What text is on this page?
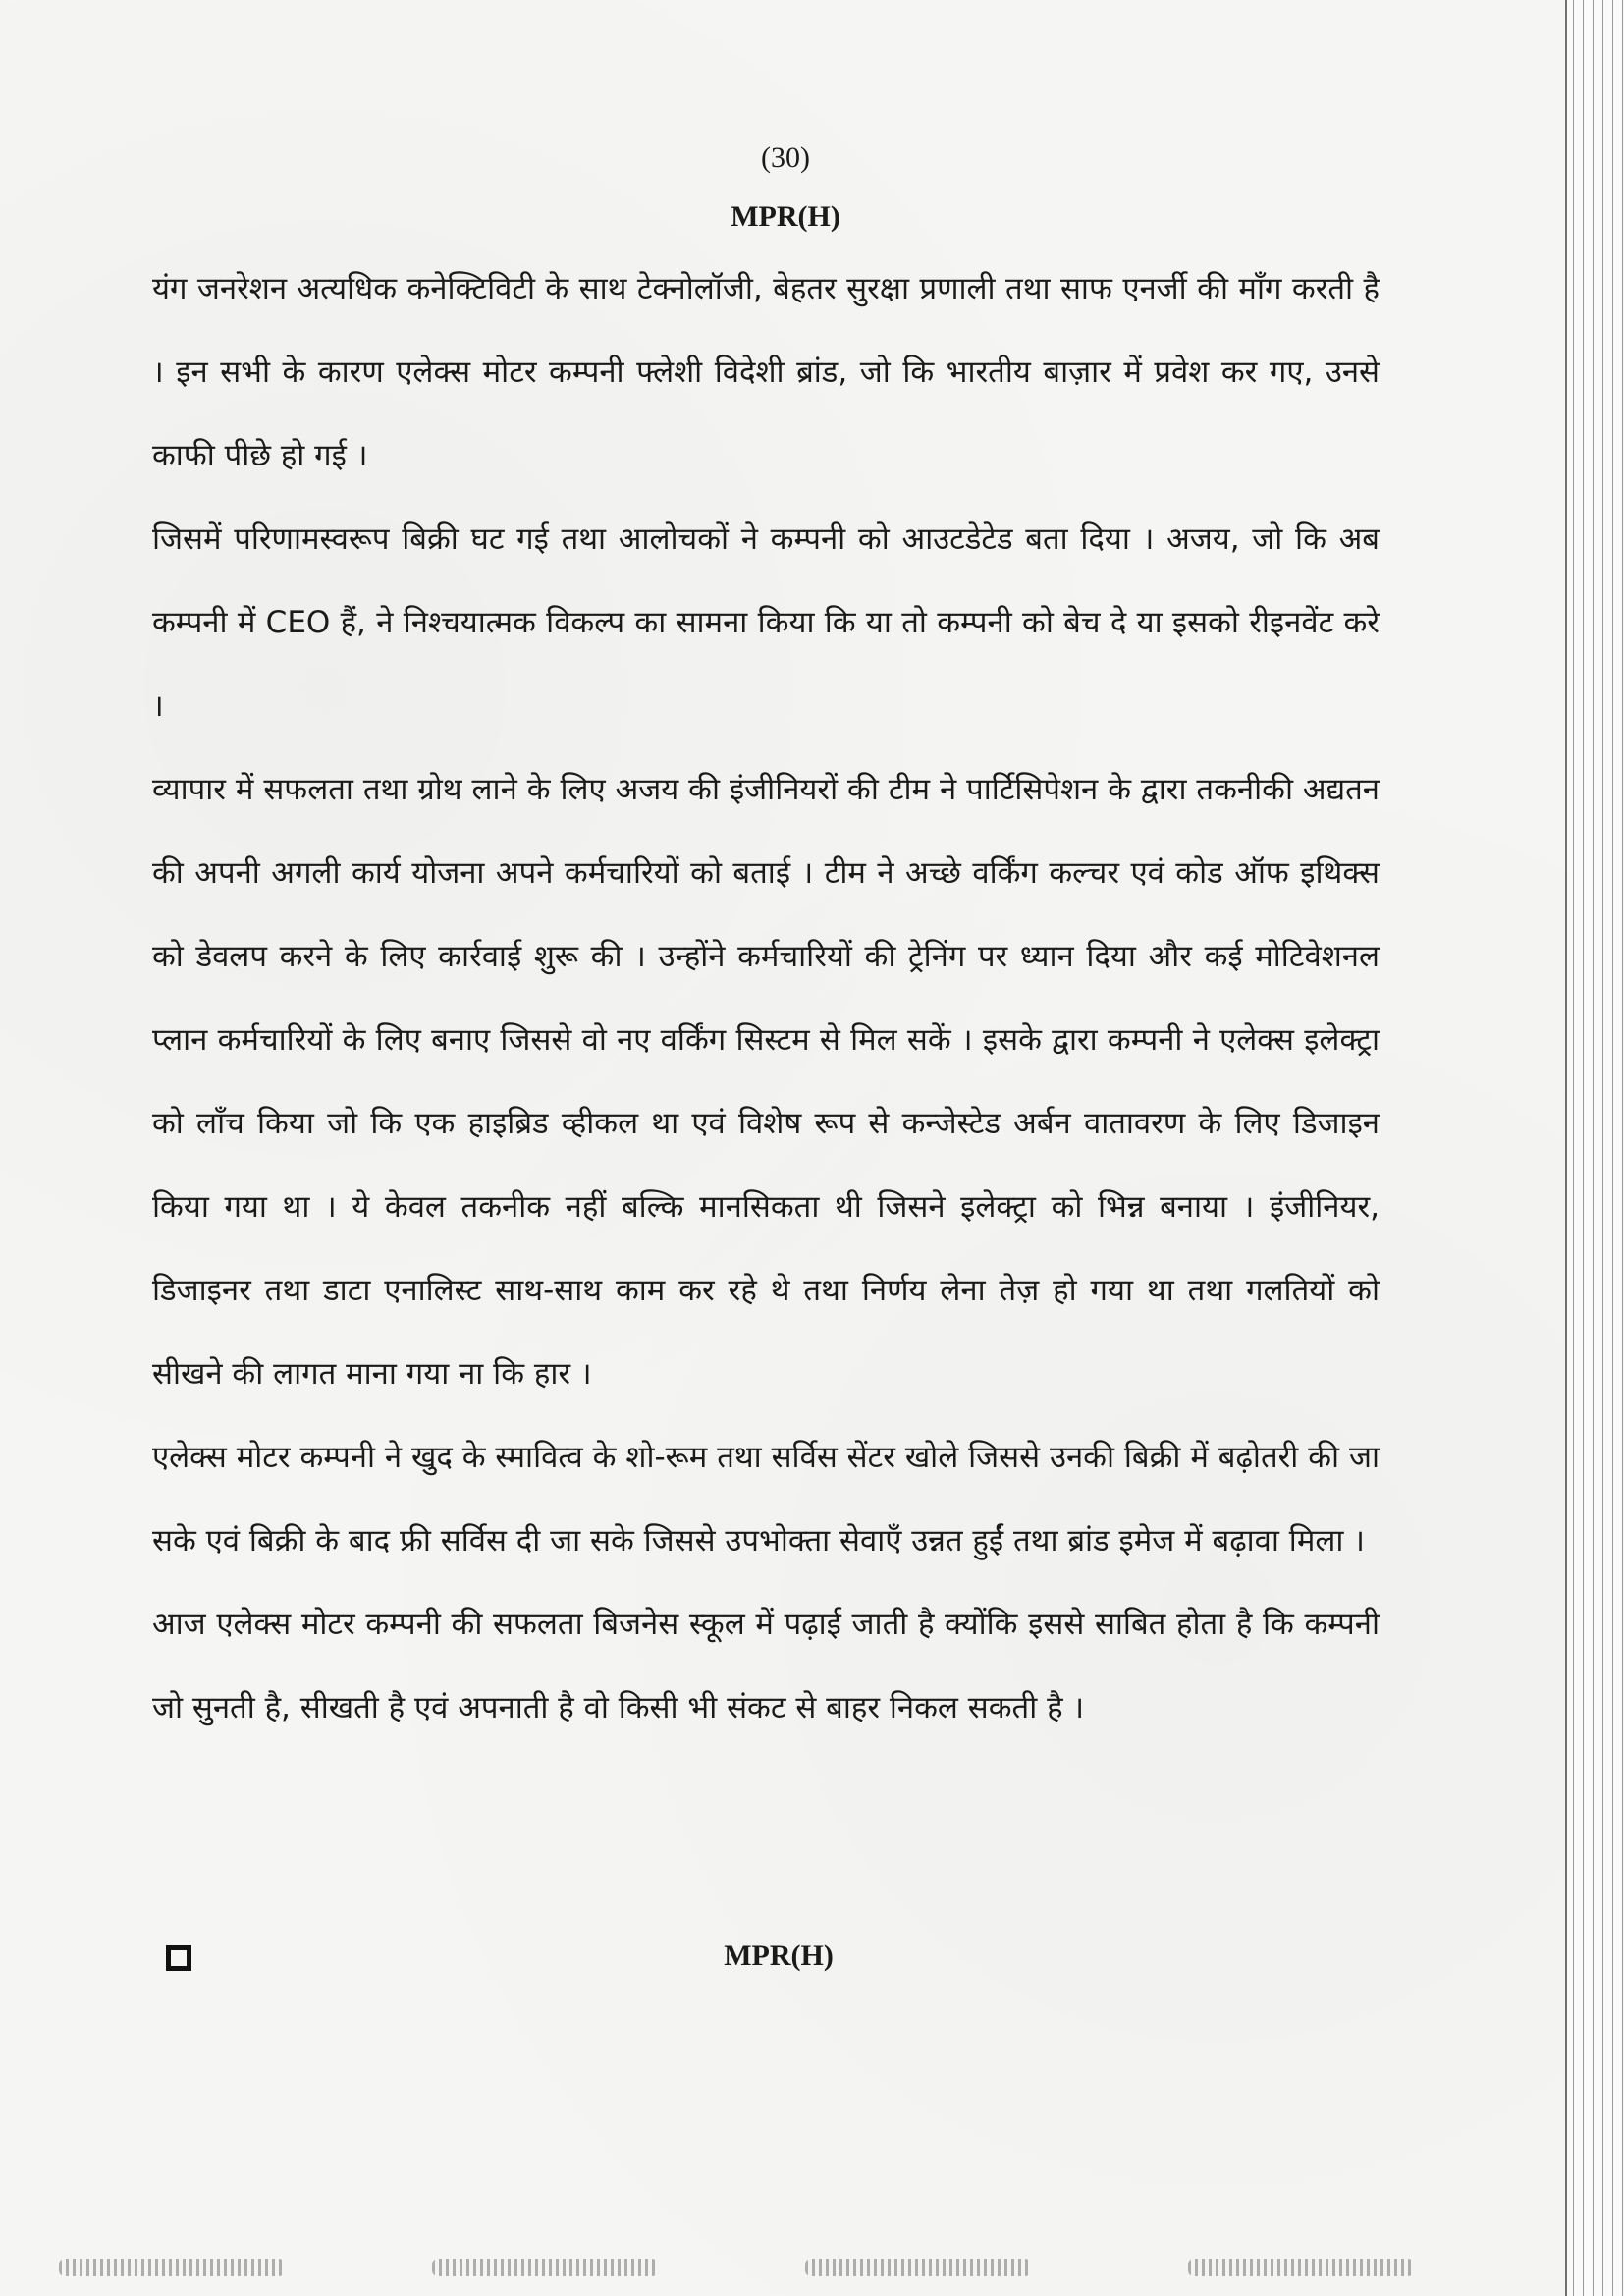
(30)
MPR(H)

यंग जनरेशन अत्यधिक कनेक्टिविटी के साथ टेक्नोलॉजी, बेहतर सुरक्षा प्रणाली तथा साफ एनर्जी की माँग करती है । इन सभी के कारण एलेक्स मोटर कम्पनी फ्लेशी विदेशी ब्रांड, जो कि भारतीय बाज़ार में प्रवेश कर गए, उनसे काफी पीछे हो गई ।

जिसमें परिणामस्वरूप बिक्री घट गई तथा आलोचकों ने कम्पनी को आउटडेटेड बता दिया । अजय, जो कि अब कम्पनी में CEO हैं, ने निश्चयात्मक विकल्प का सामना किया कि या तो कम्पनी को बेच दे या इसको रीइनवेंट करे ।

व्यापार में सफलता तथा ग्रोथ लाने के लिए अजय की इंजीनियरों की टीम ने पार्टिसिपेशन के द्वारा तकनीकी अद्यतन की अपनी अगली कार्य योजना अपने कर्मचारियों को बताई । टीम ने अच्छे वर्किंग कल्चर एवं कोड ऑफ इथिक्स को डेवलप करने के लिए कार्रवाई शुरू की । उन्होंने कर्मचारियों की ट्रेनिंग पर ध्यान दिया और कई मोटिवेशनल प्लान कर्मचारियों के लिए बनाए जिससे वो नए वर्किंग सिस्टम से मिल सकें । इसके द्वारा कम्पनी ने एलेक्स इलेक्ट्रा को लाँच किया जो कि एक हाइब्रिड व्हीकल था एवं विशेष रूप से कन्जेस्टेड अर्बन वातावरण के लिए डिजाइन किया गया था । ये केवल तकनीक नहीं बल्कि मानसिकता थी जिसने इलेक्ट्रा को भिन्न बनाया । इंजीनियर, डिजाइनर तथा डाटा एनालिस्ट साथ-साथ काम कर रहे थे तथा निर्णय लेना तेज़ हो गया था तथा गलतियों को सीखने की लागत माना गया ना कि हार ।

एलेक्स मोटर कम्पनी ने खुद के स्मावित्व के शो-रूम तथा सर्विस सेंटर खोले जिससे उनकी बिक्री में बढ़ोतरी की जा सके एवं बिक्री के बाद फ्री सर्विस दी जा सके जिससे उपभोक्ता सेवाएँ उन्नत हुईं तथा ब्रांड इमेज में बढ़ावा मिला ।

आज एलेक्स मोटर कम्पनी की सफलता बिजनेस स्कूल में पढ़ाई जाती है क्योंकि इससे साबित होता है कि कम्पनी जो सुनती है, सीखती है एवं अपनाती है वो किसी भी संकट से बाहर निकल सकती है ।

MPR(H)
